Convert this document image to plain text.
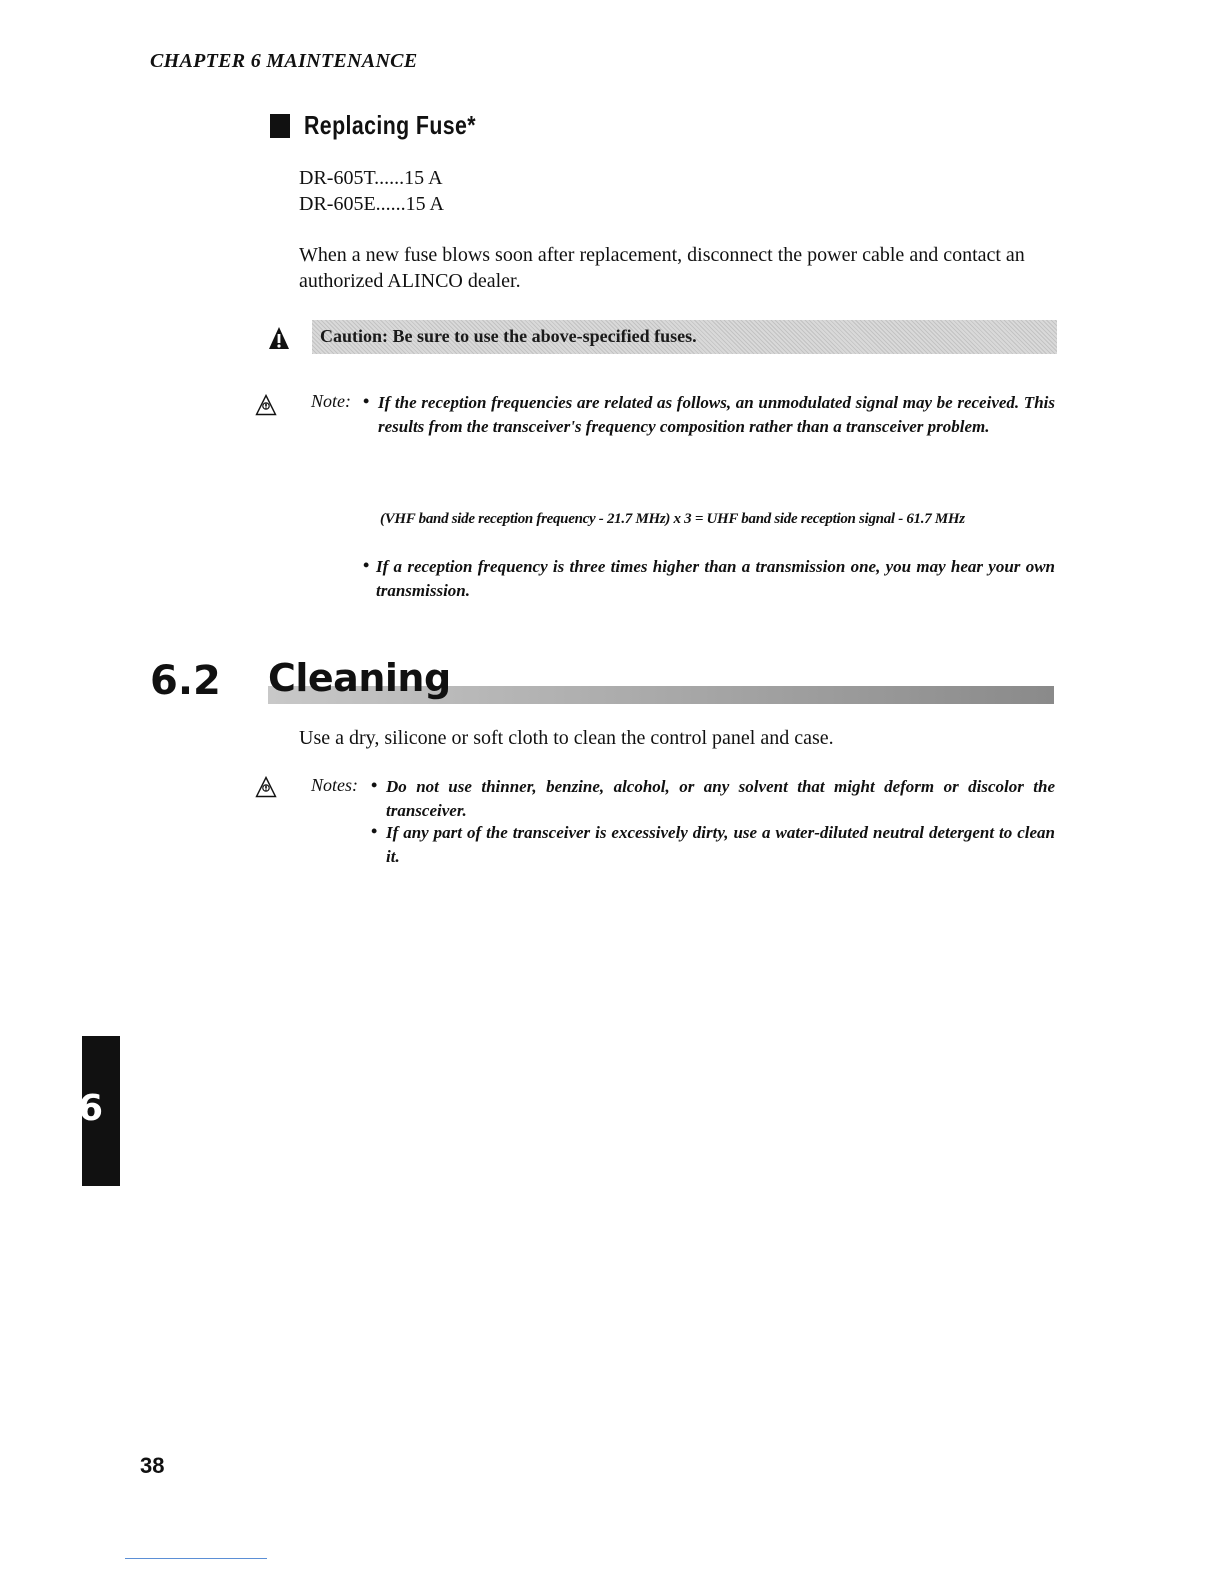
CHAPTER 6 MAINTENANCE
Replacing Fuse*
DR-605T......15 A
DR-605E......15 A
When a new fuse blows soon after replacement, disconnect the power cable and contact an authorized ALINCO dealer.
Caution: Be sure to use the above-specified fuses.
Note: • If the reception frequencies are related as follows, an unmodulated signal may be received. This results from the transceiver's frequency composition rather than a transceiver problem.
(VHF band side reception frequency - 21.7 MHz) x 3 = UHF band side reception signal - 61.7 MHz
• If a reception frequency is three times higher than a transmission one, you may hear your own transmission.
6.2 Cleaning
Use a dry, silicone or soft cloth to clean the control panel and case.
Notes: • Do not use thinner, benzine, alcohol, or any solvent that might deform or discolor the transceiver.
• If any part of the transceiver is excessively dirty, use a water-diluted neutral detergent to clean it.
6
38
